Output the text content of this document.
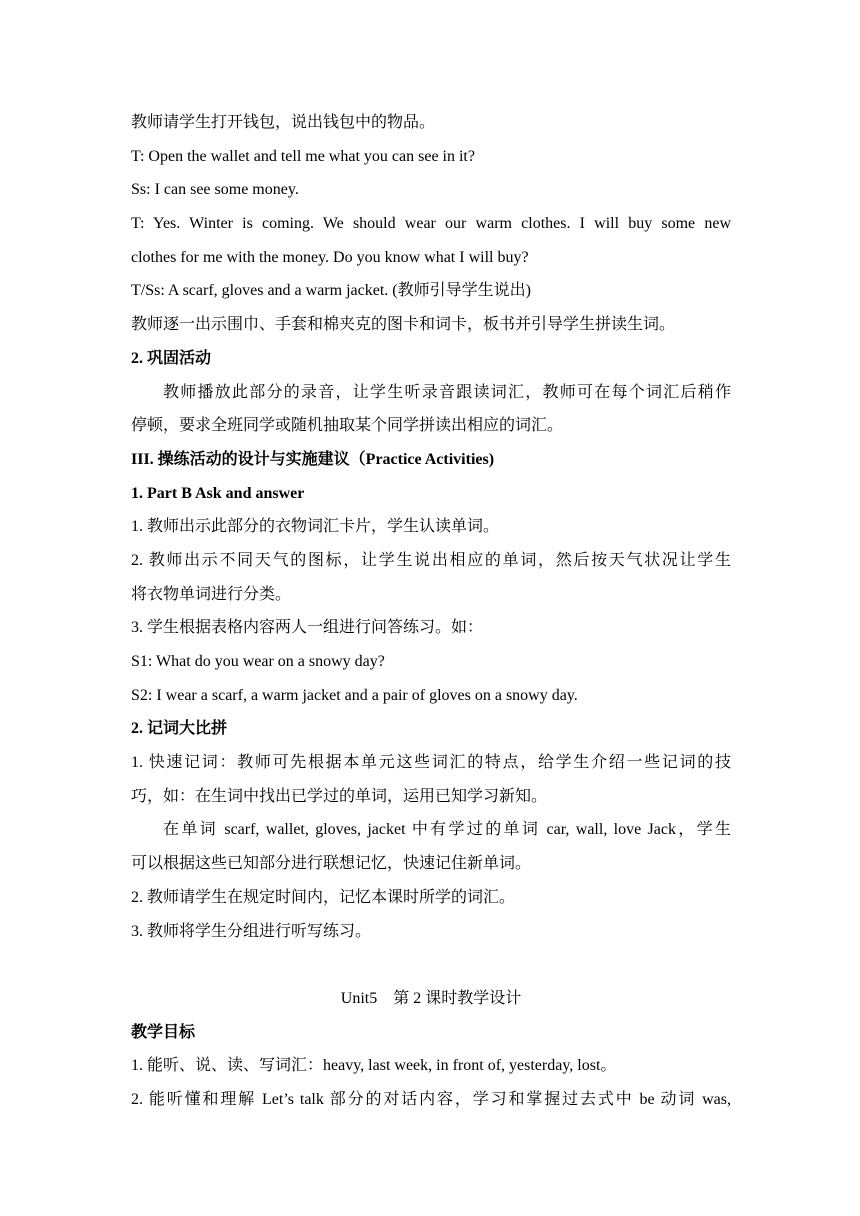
教师请学生打开钱包，说出钱包中的物品。
T: Open the wallet and tell me what you can see in it?
Ss: I can see some money.
T: Yes. Winter is coming. We should wear our warm clothes. I will buy some new
clothes for me with the money. Do you know what I will buy?
T/Ss: A scarf, gloves and a warm jacket. (教师引导学生说出)
教师逐一出示围巾、手套和棉夹克的图卡和词卡，板书并引导学生拼读生词。
2. 巩固活动
教师播放此部分的录音，让学生听录音跟读词汇，教师可在每个词汇后稍作
停顿，要求全班同学或随机抽取某个同学拼读出相应的词汇。
III. 操练活动的设计与实施建议（Practice Activities)
1. Part B Ask and answer
1. 教师出示此部分的衣物词汇卡片，学生认读单词。
2. 教师出示不同天气的图标，让学生说出相应的单词，然后按天气状况让学生
将衣物单词进行分类。
3. 学生根据表格内容两人一组进行问答练习。如：
S1: What do you wear on a snowy day?
S2: I wear a scarf, a warm jacket and a pair of gloves on a snowy day.
2. 记词大比拼
1. 快速记词：教师可先根据本单元这些词汇的特点，给学生介绍一些记词的技
巧，如：在生词中找出已学过的单词，运用已知学习新知。
在单词 scarf, wallet, gloves, jacket 中有学过的单词 car, wall, love Jack，学生
可以根据这些已知部分进行联想记忆，快速记住新单词。
2. 教师请学生在规定时间内，记忆本课时所学的词汇。
3. 教师将学生分组进行听写练习。
Unit5　第 2 课时教学设计
教学目标
1. 能听、说、读、写词汇：heavy, last week, in front of, yesterday, lost。
2. 能听懂和理解 Let’s talk 部分的对话内容，学习和掌握过去式中 be 动词 was,
